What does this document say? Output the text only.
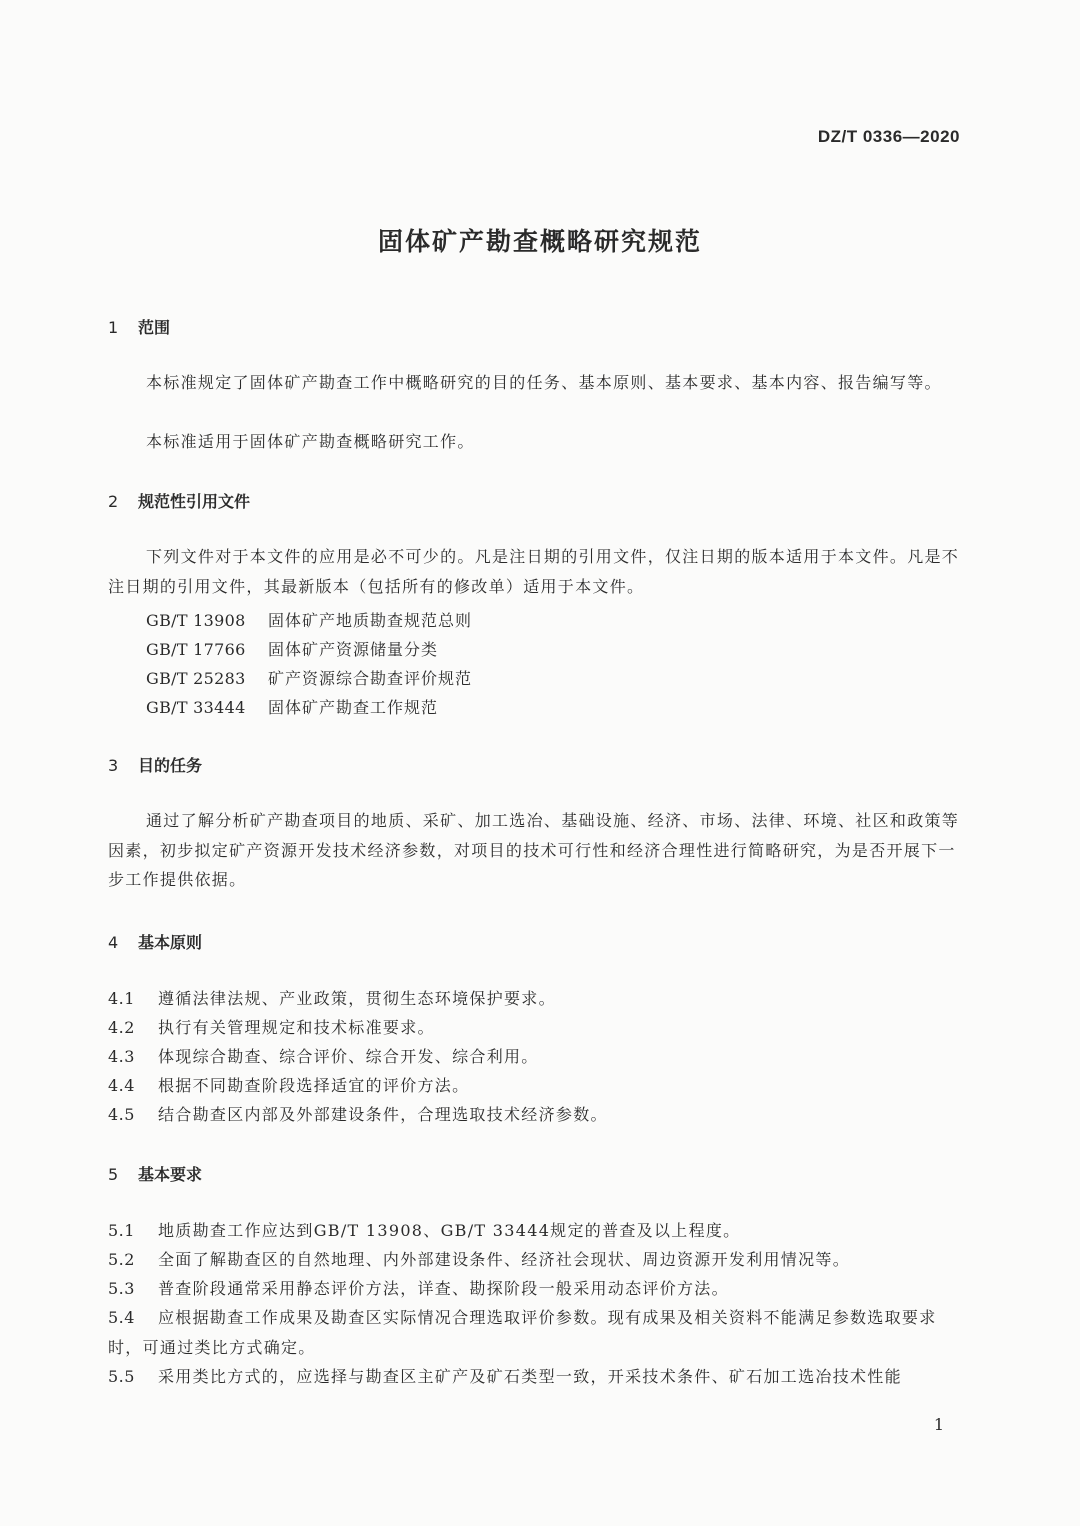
DZ/T 0336—2020
固体矿产勘查概略研究规范
1 范围

本标准规定了固体矿产勘查工作中概略研究的目的任务、基本原则、基本要求、基本内容、报告编写等。

本标准适用于固体矿产勘查概略研究工作。

2 规范性引用文件

下列文件对于本文件的应用是必不可少的。凡是注日期的引用文件，仅注日期的版本适用于本文件。凡是不注日期的引用文件，其最新版本（包括所有的修改单）适用于本文件。

GB/T 13908 固体矿产地质勘查规范总则
GB/T 17766 固体矿产资源储量分类
GB/T 25283 矿产资源综合勘查评价规范
GB/T 33444 固体矿产勘查工作规范
3 目的任务

通过了解分析矿产勘查项目的地质、采矿、加工选冶、基础设施、经济、市场、法律、环境、社区和政策等因素，初步拟定矿产资源开发技术经济参数，对项目的技术可行性和经济合理性进行简略研究，为是否开展下一步工作提供依据。

4 基本原则
4.1 遵循法律法规、产业政策，贯彻生态环境保护要求。
4.2 执行有关管理规定和技术标准要求。
4.3 体现综合勘查、综合评价、综合开发、综合利用。
4.4 根据不同勘查阶段选择适宜的评价方法。
4.5 结合勘查区内部及外部建设条件，合理选取技术经济参数。
5 基本要求
5.1 地质勘查工作应达到GB/T 13908、GB/T 33444规定的普查及以上程度。
5.2 全面了解勘查区的自然地理、内外部建设条件、经济社会现状、周边资源开发利用情况等。
5.3 普查阶段通常采用静态评价方法，详查、勘探阶段一般采用动态评价方法。
5.4 应根据勘查工作成果及勘查区实际情况合理选取评价参数。现有成果及相关资料不能满足参数选取要求时，可通过类比方式确定。
5.5 采用类比方式的，应选择与勘查区主矿产及矿石类型一致，开采技术条件、矿石加工选冶技术性能
1
